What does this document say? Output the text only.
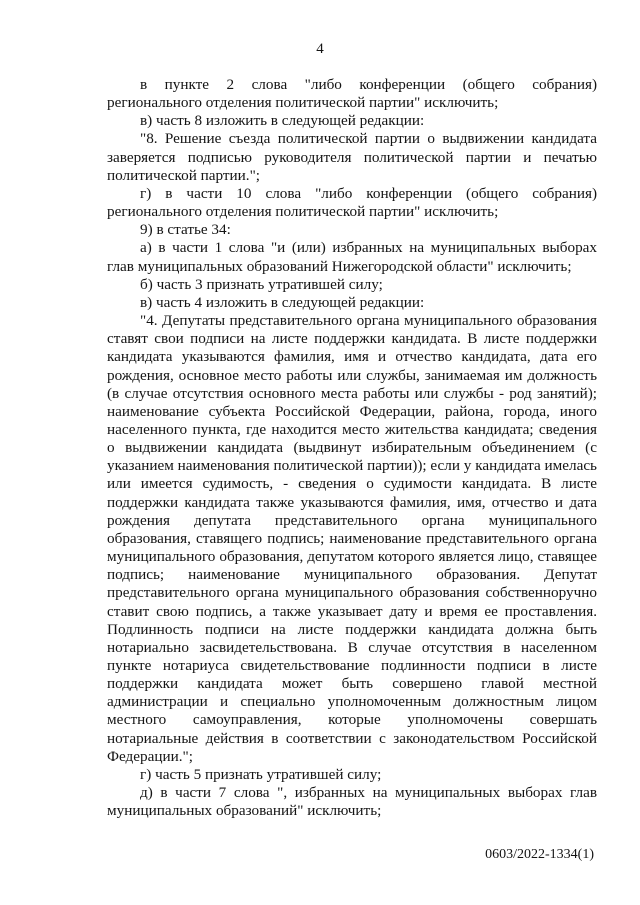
4

в пункте 2 слова "либо конференции (общего собрания) регионального отделения политической партии" исключить;

в) часть 8 изложить в следующей редакции:

"8. Решение съезда политической партии о выдвижении кандидата заверяется подписью руководителя политической партии и печатью политической партии.";

г) в части 10 слова "либо конференции (общего собрания) регионального отделения политической партии" исключить;

9) в статье 34:

а) в части 1 слова "и (или) избранных на муниципальных выборах глав муниципальных образований Нижегородской области" исключить;

б) часть 3 признать утратившей силу;

в) часть 4 изложить в следующей редакции:

"4. Депутаты представительного органа муниципального образования ставят свои подписи на листе поддержки кандидата. В листе поддержки кандидата указываются фамилия, имя и отчество кандидата, дата его рождения, основное место работы или службы, занимаемая им должность (в случае отсутствия основного места работы или службы - род занятий); наименование субъекта Российской Федерации, района, города, иного населенного пункта, где находится место жительства кандидата; сведения о выдвижении кандидата (выдвинут избирательным объединением (с указанием наименования политической партии)); если у кандидата имелась или имеется судимость, - сведения о судимости кандидата. В листе поддержки кандидата также указываются фамилия, имя, отчество и дата рождения депутата представительного органа муниципального образования, ставящего подпись; наименование представительного органа муниципального образования, депутатом которого является лицо, ставящее подпись; наименование муниципального образования. Депутат представительного органа муниципального образования собственноручно ставит свою подпись, а также указывает дату и время ее проставления. Подлинность подписи на листе поддержки кандидата должна быть нотариально засвидетельствована. В случае отсутствия в населенном пункте нотариуса свидетельствование подлинности подписи в листе поддержки кандидата может быть совершено главой местной администрации и специально уполномоченным должностным лицом местного самоуправления, которые уполномочены совершать нотариальные действия в соответствии с законодательством Российской Федерации.";

г) часть 5 признать утратившей силу;

д) в части 7 слова ", избранных на муниципальных выборах глав муниципальных образований" исключить;

0603/2022-1334(1)
